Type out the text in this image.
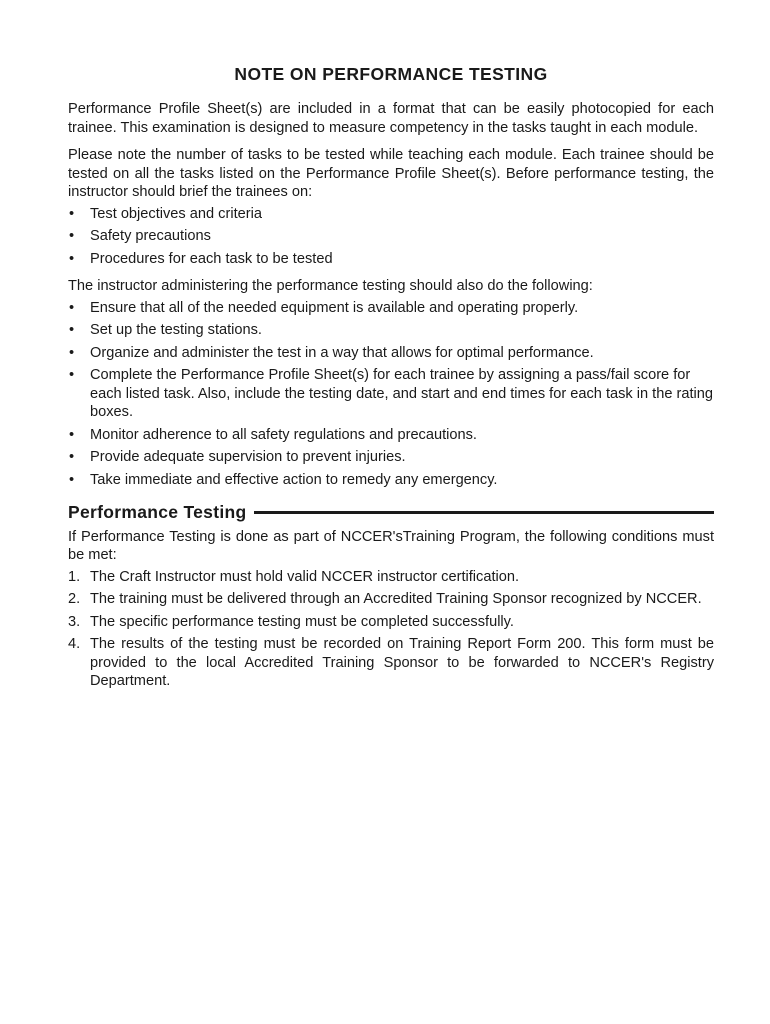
NOTE ON PERFORMANCE TESTING

Performance Profile Sheet(s) are included in a format that can be easily photocopied for each trainee. This examination is designed to measure competency in the tasks taught in each module.

Please note the number of tasks to be tested while teaching each module. Each trainee should be tested on all the tasks listed on the Performance Profile Sheet(s). Before performance testing, the instructor should brief the trainees on:

• Test objectives and criteria
• Safety precautions
• Procedures for each task to be tested

The instructor administering the performance testing should also do the following:

• Ensure that all of the needed equipment is available and operating properly.
• Set up the testing stations.
• Organize and administer the test in a way that allows for optimal performance.
• Complete the Performance Profile Sheet(s) for each trainee by assigning a pass/fail score for each listed task. Also, include the testing date, and start and end times for each task in the rating boxes.
• Monitor adherence to all safety regulations and precautions.
• Provide adequate supervision to prevent injuries.
• Take immediate and effective action to remedy any emergency.
Performance Testing

If Performance Testing is done as part of NCCER'sTraining Program, the following conditions must be met:

1. The Craft Instructor must hold valid NCCER instructor certification.
2. The training must be delivered through an Accredited Training Sponsor recognized by NCCER.
3. The specific performance testing must be completed successfully.
4. The results of the testing must be recorded on Training Report Form 200. This form must be provided to the local Accredited Training Sponsor to be forwarded to NCCER's Registry Department.
